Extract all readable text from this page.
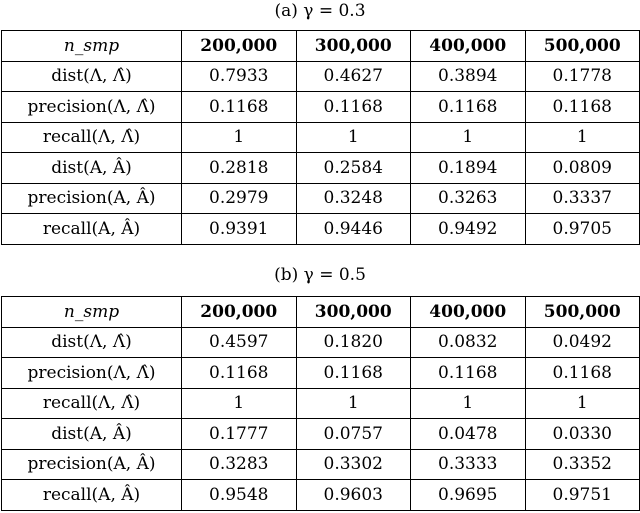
(a) γ = 0.3
n_smp	200,000	300,000	400,000	500,000
dist(Λ, Λ̂)	0.7933	0.4627	0.3894	0.1778
precision(Λ, Λ̂)	0.1168	0.1168	0.1168	0.1168
recall(Λ, Λ̂)	1	1	1	1
dist(A, Â)	0.2818	0.2584	0.1894	0.0809
precision(A, Â)	0.2979	0.3248	0.3263	0.3337
recall(A, Â)	0.9391	0.9446	0.9492	0.9705
(b) γ = 0.5
n_smp	200,000	300,000	400,000	500,000
dist(Λ, Λ̂)	0.4597	0.1820	0.0832	0.0492
precision(Λ, Λ̂)	0.1168	0.1168	0.1168	0.1168
recall(Λ, Λ̂)	1	1	1	1
dist(A, Â)	0.1777	0.0757	0.0478	0.0330
precision(A, Â)	0.3283	0.3302	0.3333	0.3352
recall(A, Â)	0.9548	0.9603	0.9695	0.9751
